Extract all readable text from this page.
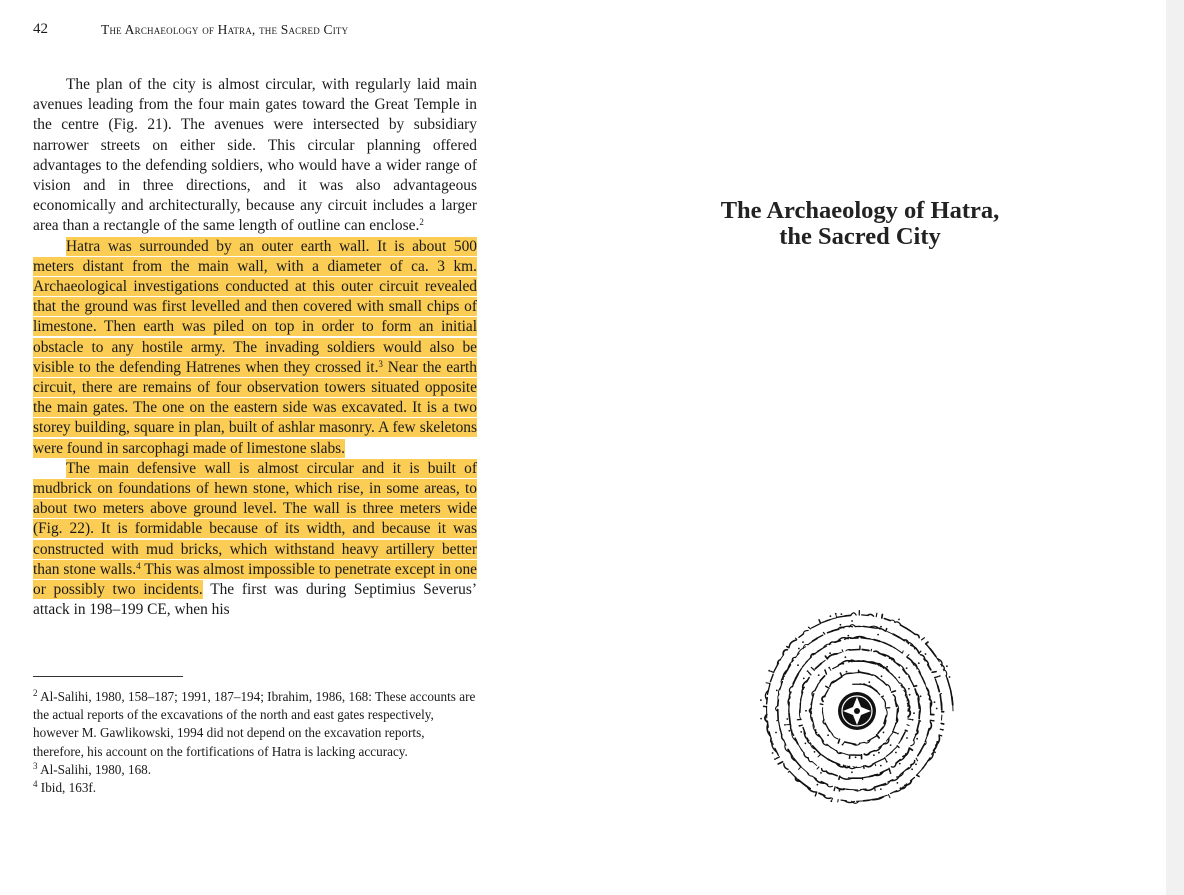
42	The Archaeology of Hatra, the Sacred City

The plan of the city is almost circular, with regularly laid main avenues leading from the four main gates toward the Great Temple in the centre (Fig. 21). The avenues were intersected by subsidiary narrower streets on either side. This circular planning offered advantages to the defending soldiers, who would have a wider range of vision and in three directions, and it was also advantageous economically and architecturally, because any circuit includes a larger area than a rectangle of the same length of outline can enclose.$^2$

Hatra was surrounded by an outer earth wall. It is about 500 meters distant from the main wall, with a diameter of ca. 3 km. Archaeological investigations conducted at this outer circuit revealed that the ground was first levelled and then covered with small chips of limestone. Then earth was piled on top in order to form an initial obstacle to any hostile army. The invading soldiers would also be visible to the defending Hatrenes when they crossed it.$^3$ Near the earth circuit, there are remains of four observation towers situated opposite the main gates. The one on the eastern side was excavated. It is a two storey building, square in plan, built of ashlar masonry. A few skeletons were found in sarcophagi made of limestone slabs.

The main defensive wall is almost circular and it is built of mudbrick on foundations of hewn stone, which rise, in some areas, to about two meters above ground level. The wall is three meters wide (Fig. 22). It is formidable because of its width, and because it was constructed with mud bricks, which withstand heavy artillery better than stone walls.$^4$ This was almost impossible to penetrate except in one or possibly two incidents. The first was during Septimius Severus’ attack in 198–199 CE, when his

$^2$ Al-Salihi, 1980, 158–187; 1991, 187–194; Ibrahim, 1986, 168: These accounts are the actual reports of the excavations of the north and east gates respectively, however M. Gawlikowski, 1994 did not depend on the excavation reports, therefore, his account on the fortifications of Hatra is lacking accuracy.

$^3$ Al-Salihi, 1980, 168.

$^4$ Ibid, 163f.

The Archaeology of Hatra,
the Sacred City
